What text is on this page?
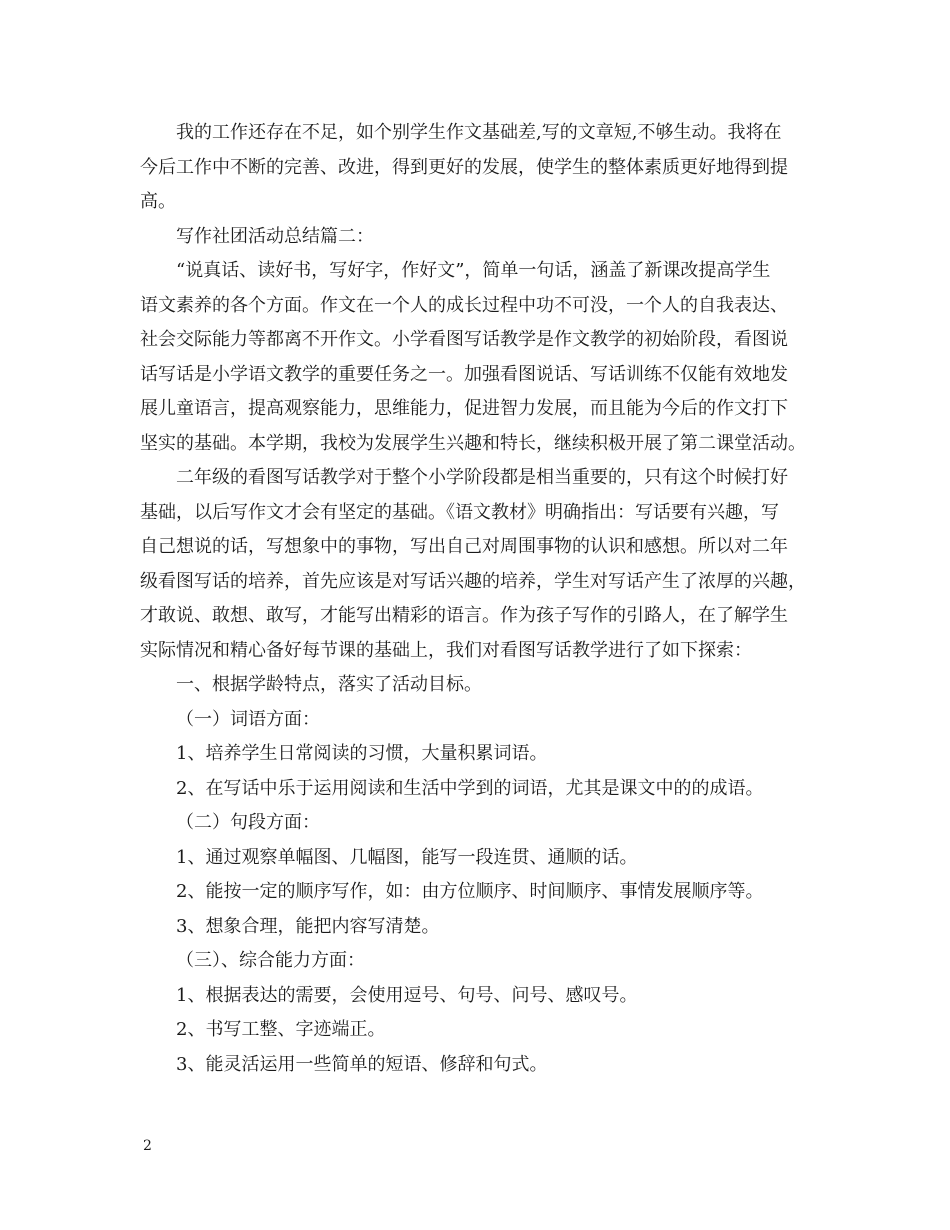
我的工作还存在不足，如个别学生作文基础差,写的文章短,不够生动。我将在
今后工作中不断的完善、改进，得到更好的发展，使学生的整体素质更好地得到提
高。

写作社团活动总结篇二：

“说真话、读好书，写好字，作好文”，简单一句话，涵盖了新课改提高学生
语文素养的各个方面。作文在一个人的成长过程中功不可没，一个人的自我表达、
社会交际能力等都离不开作文。小学看图写话教学是作文教学的初始阶段，看图说
话写话是小学语文教学的重要任务之一。加强看图说话、写话训练不仅能有效地发
展儿童语言，提高观察能力，思维能力，促进智力发展，而且能为今后的作文打下
坚实的基础。本学期，我校为发展学生兴趣和特长，继续积极开展了第二课堂活动。

二年级的看图写话教学对于整个小学阶段都是相当重要的，只有这个时候打好
基础，以后写作文才会有坚定的基础。《语文教材》明确指出：写话要有兴趣，写
自己想说的话，写想象中的事物，写出自己对周围事物的认识和感想。所以对二年
级看图写话的培养，首先应该是对写话兴趣的培养，学生对写话产生了浓厚的兴趣，
才敢说、敢想、敢写，才能写出精彩的语言。作为孩子写作的引路人，在了解学生
实际情况和精心备好每节课的基础上，我们对看图写话教学进行了如下探索：

一、根据学龄特点，落实了活动目标。

（一）词语方面：

1、培养学生日常阅读的习惯，大量积累词语。

2、在写话中乐于运用阅读和生活中学到的词语，尤其是课文中的的成语。

（二）句段方面：

1、通过观察单幅图、几幅图，能写一段连贯、通顺的话。

2、能按一定的顺序写作，如：由方位顺序、时间顺序、事情发展顺序等。

3、想象合理，能把内容写清楚。

（三）、综合能力方面：

1、根据表达的需要，会使用逗号、句号、问号、感叹号。

2、书写工整、字迹端正。

3、能灵活运用一些简单的短语、修辞和句式。

2
